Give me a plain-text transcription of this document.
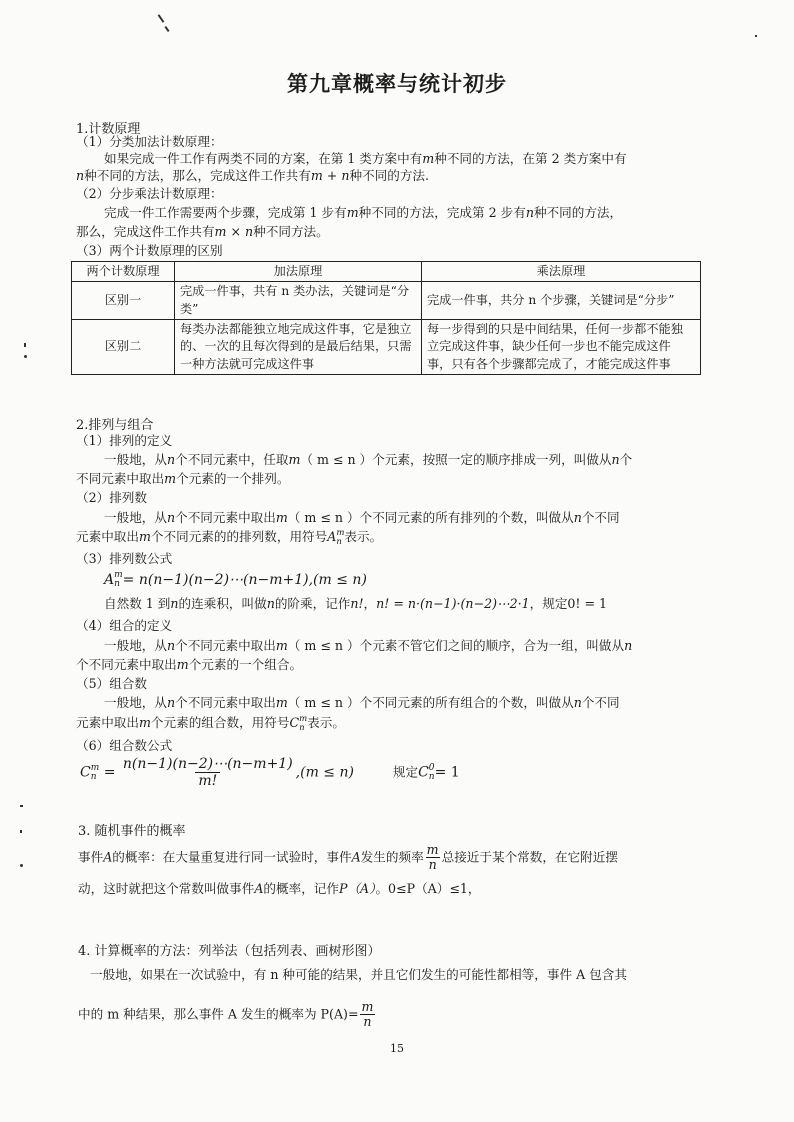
第九章概率与统计初步
1.计数原理
（1）分类加法计数原理：
如果完成一件工作有两类不同的方案，在第 1 类方案中有m种不同的方法，在第 2 类方案中有
n种不同的方法，那么，完成这件工作共有m + n种不同的方法.
（2）分步乘法计数原理：
完成一件工作需要两个步骤，完成第 1 步有m种不同的方法，完成第 2 步有n种不同的方法，
那么，完成这件工作共有m × n种不同方法。
（3）两个计数原理的区别
两个计数原理	加法原理	乘法原理
区别一	完成一件事，共有 n 类办法，关键词是“分类”	完成一件事，共分 n 个步骤，关键词是“分步”
区别二	每类办法都能独立地完成这件事，它是独立的、一次的且每次得到的是最后结果，只需一种方法就可完成这件事	每一步得到的只是中间结果，任何一步都不能独立完成这件事，缺少任何一步也不能完成这件事，只有各个步骤都完成了，才能完成这件事
2.排列与组合
（1）排列的定义
一般地，从n个不同元素中，任取m（ m ≤ n ）个元素，按照一定的顺序排成一列，叫做从n个
不同元素中取出m个元素的一个排列。
（2）排列数
一般地，从n个不同元素中取出m（ m ≤ n ）个不同元素的所有排列的个数，叫做从n个不同
元素中取出m个不同元素的的排列数，用符号A m
n 表示。
（3）排列数公式
A m
n = n(n−1)(n−2)⋯(n−m+1),(m ≤ n)
自然数 1 到n的连乘积，叫做n的阶乘，记作n!，n! = n·(n−1)·(n−2)⋯2·1，规定0! = 1
（4）组合的定义
一般地，从n个不同元素中取出m（ m ≤ n ）个元素不管它们之间的顺序，合为一组，叫做从n
个不同元素中取出m个元素的一个组合。
（5）组合数
一般地，从n个不同元素中取出m（ m ≤ n ）个不同元素的所有组合的个数，叫做从n个不同
元素中取出m个元素的组合数，用符号C m
n 表示。
（6）组合数公式
C m
$n = \frac{n(n-1)(n-2)\cdots(n-m+1)}{m!} ,(m \le n)$	规定C 0
n = 1
3. 随机事件的概率
事件A的概率：在大量重复进行同一试验时，事件A发生的频率 $\frac{m}{n}$ 总接近于某个常数，在它附近摆
动，这时就把这个常数叫做事件A的概率，记作P（A）。0≤P（A）≤1，
4. 计算概率的方法：列举法（包括列表、画树形图）
一般地，如果在一次试验中，有 n 种可能的结果，并且它们发生的可能性都相等，事件 A 包含其
中的 m 种结果，那么事件 A 发生的概率为 $P(A)= \frac{m}{n}$
15
